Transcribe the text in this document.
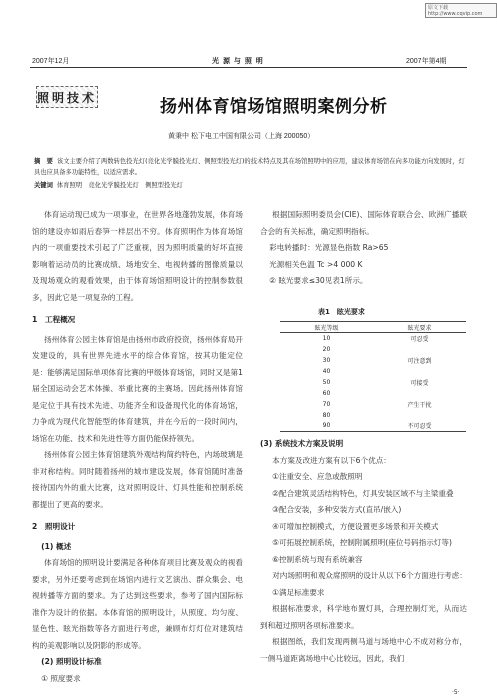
原文下载http://www.cqvip.com
2007年12月	光 源 与 照 明	2007年第4期
照明技术	扬州体育馆场馆照明案例分析
黄秉中 松下电工中国有限公司（上海 200050）
摘　要 该文主要介绍了两数转色投光灯(竞化光学膜投光灯、侧照型投光灯)的技术特点及其在场馆照明中的应用，建议体育场馆在向多功能方向发展时，灯具也应具备多功能特性，以适应需求。
关键词 体育照明　竞化光学膜投光灯　侧照型投光灯

体育运动现已成为一项事业，在世界各地蓬勃发展，体育场馆的建设亦如雨后春笋一样层出不穷。体育照明作为体育场馆内的一项重要技术引起了广泛重视，因为照明质量的好坏直接影响着运动员的比赛成绩、场地安全、电视转播的图像质量以及现场观众的观看效果，由于体育场馆照明设计的控制参数很多，因此它是一项复杂的工程。

1　工程概况

扬州体育公园主体育馆是由扬州市政府投资，扬州体育局开发建设的，具有世界先进水平的综合体育馆，按其功能定位是：能够满足国际单项体育比赛的甲级体育场馆，同时又是第1届全国运动会艺术体操、举重比赛的主赛场。因此扬州体育馆是定位于具有技术先进、功能齐全和设备现代化的体育场馆，力争成为现代化智能型的体育建筑，并在今后的一段时间内，场馆在功能、技术和先进性等方面仍能保持领先。

扬州体育公园主体育馆建筑外观结构简约特色，内场玻璃是非对称结构。同时随着扬州的城市建设发展，体育馆随时准备接待国内外的重大比赛，这对照明设计、灯具性能和控制系统都提出了更高的要求。

2　照明设计

(1) 概述

体育场馆的照明设计要满足各种体育项目比赛及观众的视看要求，另外还要考虑到在场馆内进行文艺演出、群众集会、电视转播等方面的要求。为了达到这些要求，参考了国内国际标准作为设计的依据。本体育馆的照明设计，从照度、均匀度、显色性、眩光指数等各方面进行考虑，兼顾布灯灯位对建筑结构的美观影响以及阴影的形成等。

(2) 照明设计标准

① 照度要求

根据国际照明委员会(CIE)、国际体育联合会、欧洲广播联合会的有关标准，确定照明指标。

彩电转播时：光源显色指数 Ra>65

光源相关色温 Tc >4 000 K

② 眩光要求≤30见表1所示。

表1　眩光要求
眩光等级	眩光要求
10	可忍受
20	
30	可注意到
40	
50	可接受
60	
70	产生干扰
80	
90	不可忍受

(3) 系统技术方案及说明

本方案及改进方案有以下6个优点：

①注重安全、应急或散照明

②配合建筑灵活结构特色，灯具安装区域不与主梁重叠

③配合安装，多种安装方式(直吊/嵌入)

④可增加控制模式，方便设置更多场景和开关模式

⑤可拓展控制系统，控制附属照明(座位号码指示灯等)

⑥控制系统与现有系统兼容

对内场照明和观众席照明的设计从以下6个方面进行考虑：

①满足标准要求

根据标准要求，科学地布置灯具，合理控制灯光，从而达到和超过照明各项标准要求。

根据图纸，我们发现两侧马道与场地中心不成对称分布，一侧马道距离场地中心比较远，因此，我们

·5·
